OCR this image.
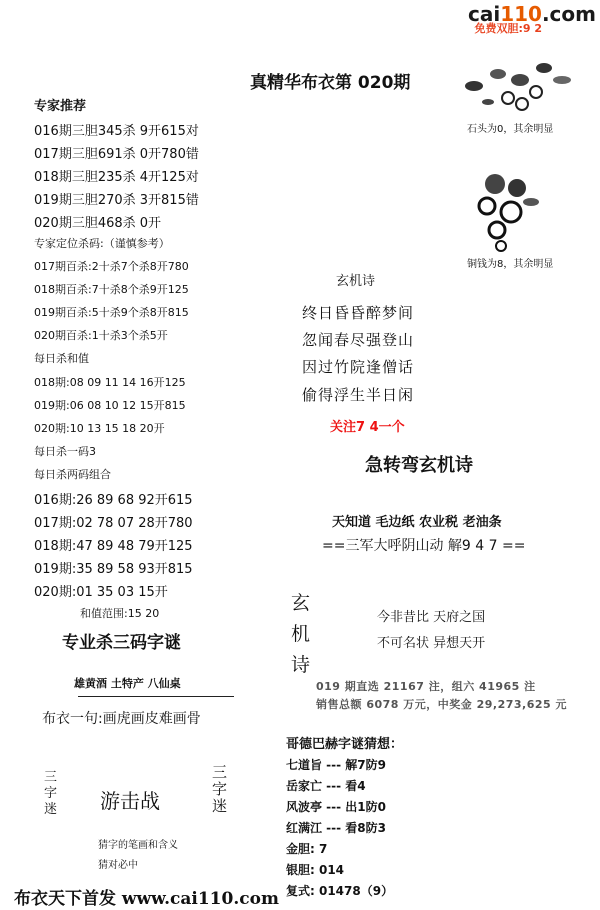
cai110.com
免费双胆:9 2
真精华布衣第 020期
专家推荐
016期三胆345杀 9开615对
017期三胆691杀 0开780错
018期三胆235杀 4开125对
019期三胆270杀 3开815错
020期三胆468杀 0开
专家定位杀码:（谨慎参考）
017期百杀:2十杀7个杀8开780
018期百杀:7十杀8个杀9开125
019期百杀:5十杀9个杀8开815
020期百杀:1十杀3个杀5开
每日杀和值
018期:08 09 11 14 16开125
019期:06 08 10 12 15开815
020期:10 13 15 18 20开
每日杀一码3
每日杀两码组合
016期:26 89 68 92开615
017期:02 78 07 28开780
018期:47 89 48 79开125
019期:35 89 58 93开815
020期:01 35 03 15开
和值范围:15 20
专业杀三码字谜
雄黄酒 土特产 八仙桌
布衣一句:画虎画皮难画骨
三
字
迷 游击战
三
字
迷
猜字的笔画和含义
猜对必中
布衣天下首发 www.cai110.com
石头为0，其余明显
铜钱为8，其余明显
玄机诗
终日昏昏醉梦间
忽闻春尽强登山
因过竹院逢僧话
偷得浮生半日闲
关注7 4一个
急转弯玄机诗
天知道 毛边纸 农业税 老油条
==三军大呼阴山动 解9 4 7 ==
玄
机
诗
今非昔比 天府之国
不可名状 异想天开
019 期直选 21167 注，组六 41965 注
销售总额 6078 万元，中奖金 29,273,625 元
哥德巴赫字谜猜想：
七道旨 --- 解7防9
岳家亡 --- 看4
风波亭 --- 出1防0
红满江 --- 看8防3
金胆: 7
银胆: 014
复式: 01478（9）
